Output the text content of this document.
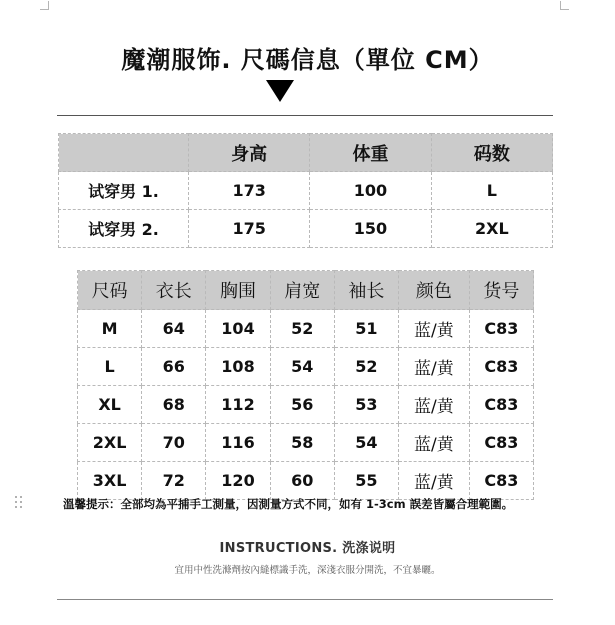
魔潮服饰. 尺碼信息（單位 CM）
	身高	体重	码数
试穿男 1.	173	100	L
试穿男 2.	175	150	2XL
尺码	衣长	胸围	肩宽	袖长	颜色	货号
M	64	104	52	51	蓝/黄	C83
L	66	108	54	52	蓝/黄	C83
XL	68	112	56	53	蓝/黄	C83
2XL	70	116	58	54	蓝/黄	C83
3XL	72	120	60	55	蓝/黄	C83
溫馨提示：全部均為平捕手工測量，因測量方式不同，如有 1-3cm 誤差皆屬合理範圍。
INSTRUCTIONS. 洗涤说明
宜用中性洗滌劑按內縫標識手洗，深淺衣服分開洗，不宜暴曬。
